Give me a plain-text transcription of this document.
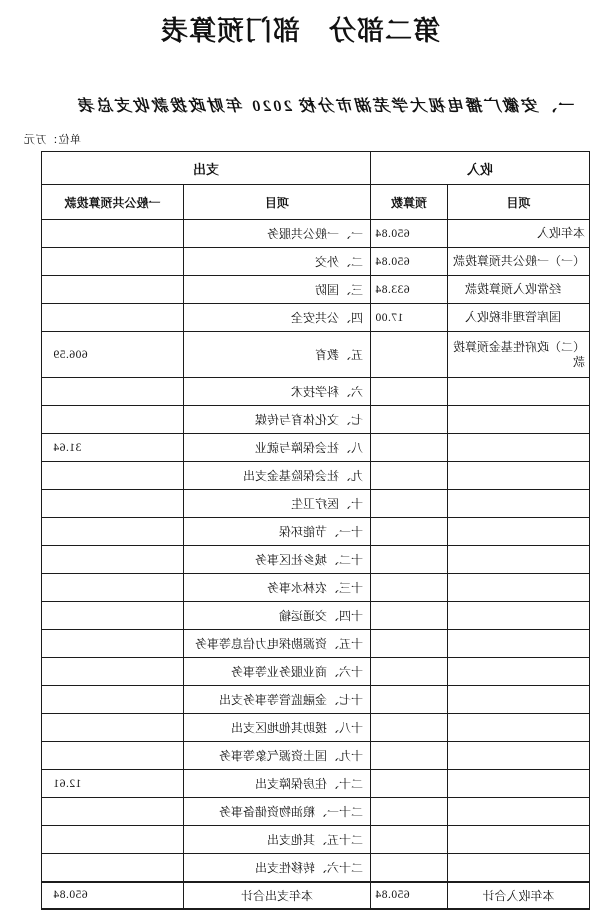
第二部分　部门预算表
一、安徽广播电视大学芜湖市分校 2020 年财政拨款收支总表
单位：万元
收入		支出	
项目	预算数	项目	一般公共预算拨款
本年收入	650.84	一、一般公共服务	
（一）一般公共预算拨款	650.84	二、外交	
经常收入预算拨款	633.84	三、国防	
国库管理非税收入	17.00	四、公共安全	
（二）政府性基金预算拨款		五、教育	606.59
		六、科学技术	
		七、文化体育与传媒	
		八、社会保障与就业	31.64
		九、社会保险基金支出	
		十、医疗卫生	
		十一、节能环保	
		十二、城乡社区事务	
		十三、农林水事务	
		十四、交通运输	
		十五、资源勘探电力信息等事务	
		十六、商业服务业等事务	
		十七、金融监管等事务支出	
		十八、援助其他地区支出	
		十九、国土资源气象等事务	
		二十、住房保障支出	12.61
		二十一、粮油物资储备事务	
		二十五、其他支出	
		二十六、转移性支出	
本年收入合计	650.84	本年支出合计	650.84
